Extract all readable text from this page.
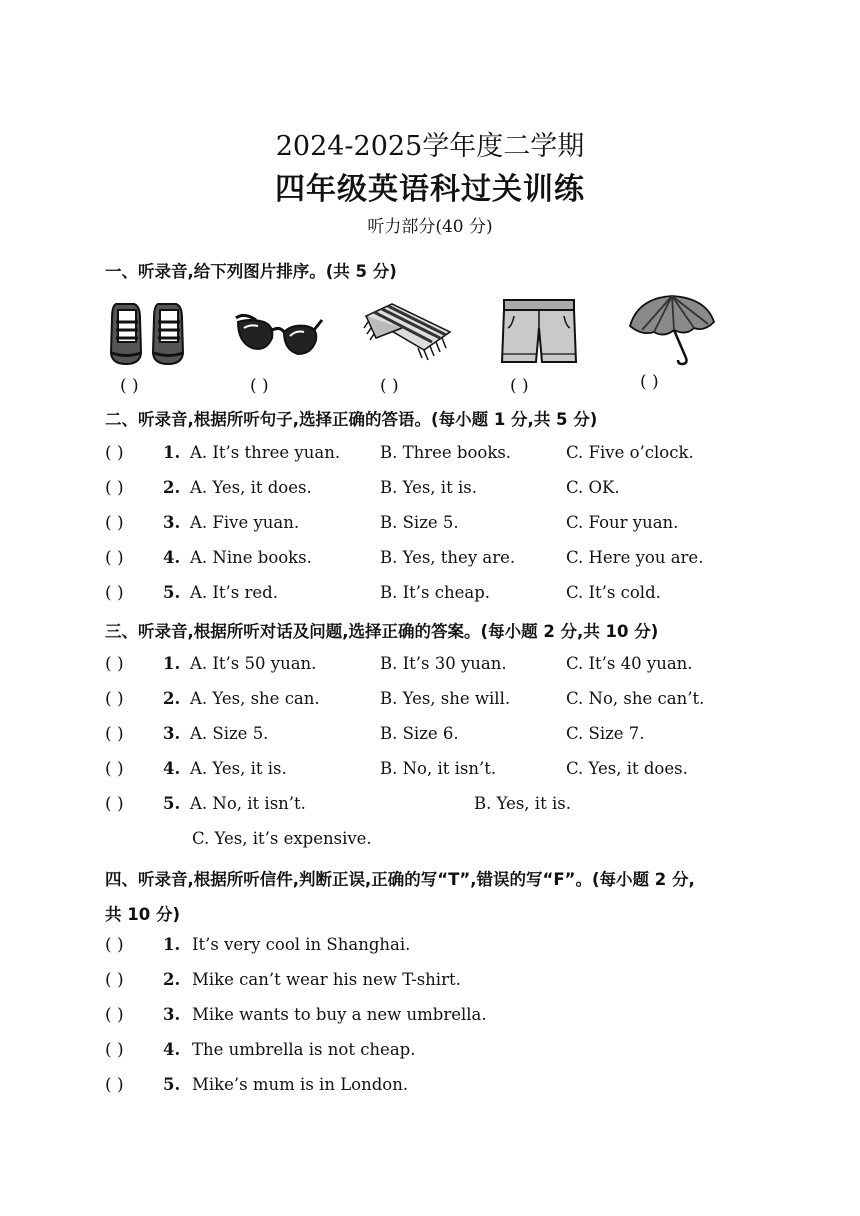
2024-2025学年度二学期
四年级英语科过关训练
听力部分(40 分)
一、听录音,给下列图片排序。(共 5 分)
( )	( )	( )	( )	( )
二、听录音,根据所听句子,选择正确的答语。(每小题 1 分,共 5 分)
( ) 1. A. It’s three yuan. B. Three books.	C. Five o’clock.
( ) 2. A. Yes, it does.	B. Yes, it is.	C. OK.
( ) 3. A. Five yuan.	B. Size 5.	C. Four yuan.
( ) 4. A. Nine books.	B. Yes, they are.	C. Here you are.
( ) 5. A. It’s red.	B. It’s cheap.	C. It’s cold.
三、听录音,根据所听对话及问题,选择正确的答案。(每小题 2 分,共 10 分)
( ) 1. A. It’s 50 yuan.	B. It’s 30 yuan.	C. It’s 40 yuan.
( ) 2. A. Yes, she can.	B. Yes, she will.	C. No, she can’t.
( ) 3. A. Size 5.	B. Size 6.	C. Size 7.
( ) 4. A. Yes, it is.	B. No, it isn’t.	C. Yes, it does.
( ) 5. A. No, it isn’t.	B. Yes, it is.
C. Yes, it’s expensive.
四、听录音,根据所听信件,判断正误,正确的写“T”,错误的写“F”。(每小题 2 分,
共 10 分)
( ) 1. It’s very cool in Shanghai.
( ) 2. Mike can’t wear his new T-shirt.
( ) 3. Mike wants to buy a new umbrella.
( ) 4. The umbrella is not cheap.
( ) 5. Mike’s mum is in London.
